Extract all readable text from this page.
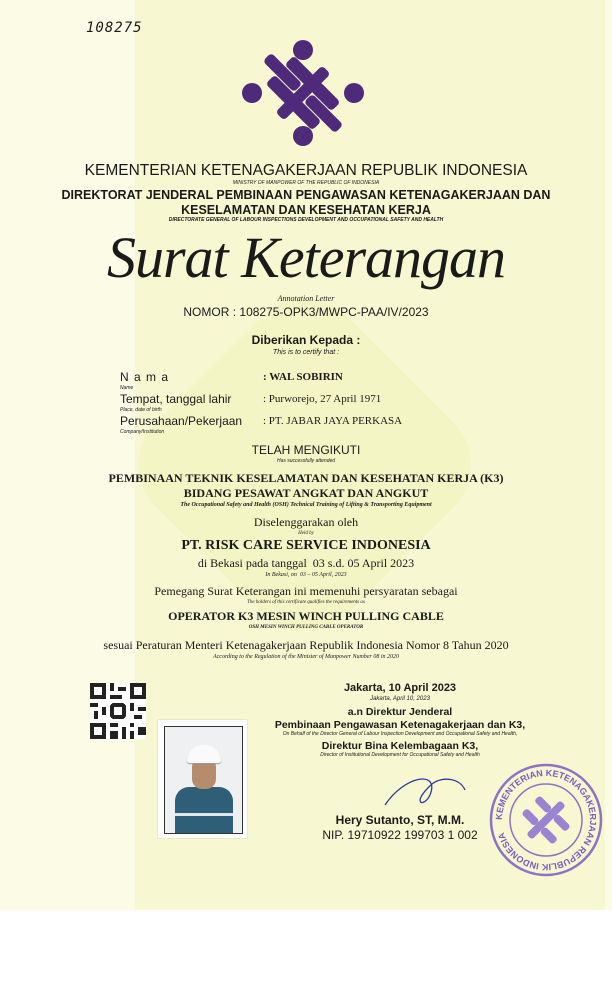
108275
KEMENTERIAN KETENAGAKERJAAN REPUBLIK INDONESIA
MINISTRY OF MANPOWER OF THE REPUBLIC OF INDONESIA
DIREKTORAT JENDERAL PEMBINAAN PENGAWASAN KETENAGAKERJAAN DAN
KESELAMATAN DAN KESEHATAN KERJA
DIRECTORATE GENERAL OF LABOUR INSPECTIONS DEVELOPMENT AND OCCUPATIONAL SAFETY AND HEALTH
Surat Keterangan
Annotation Letter
NOMOR : 108275-OPK3/MWPC-PAA/IV/2023
Diberikan Kepada :
This is to certify that :
N a m a
Name
: WAL SOBIRIN
Tempat, tanggal lahir
Place, date of birth
: Purworejo, 27 April 1971
Perusahaan/Pekerjaan
Company/Institution
: PT. JABAR JAYA PERKASA
TELAH MENGIKUTI
Has successfully attended
PEMBINAAN TEKNIK KESELAMATAN DAN KESEHATAN KERJA (K3)
BIDANG PESAWAT ANGKAT DAN ANGKUT
The Occupational Safety and Health (OSH) Technical Training of Lifting & Transporting Equipment
Diselenggarakan oleh
Held by
PT. RISK CARE SERVICE INDONESIA
di Bekasi pada tanggal  03 s.d. 05 April 2023
In Bekasi, on  03 – 05 April, 2023
Pemegang Surat Keterangan ini memenuhi persyaratan sebagai
The holders of this certificate qualifies the requirements as
OPERATOR K3 MESIN WINCH PULLING CABLE
OSH MESIN WINCH PULLING CABLE OPERATOR
sesuai Peraturan Menteri Ketenagakerjaan Republik Indonesia Nomor 8 Tahun 2020
According to the Regulation of the Minister of Manpower Number 08 in 2020
Jakarta, 10 April 2023
Jakarta, April 10, 2023
a.n Direktur Jenderal
Pembinaan Pengawasan Ketenagakerjaan dan K3,
On Behalf of the Director General of Labour Inspection Development and Occupational Safety and Health,
Direktur Bina Kelembagaan K3,
Director of Institutional Development for Occupational Safety and Health
KEMENTERIAN KETENAGAKERJAAN REPUBLIK INDONESIA
Hery Sutanto, ST, M.M.
NIP. 19710922 199703 1 002
